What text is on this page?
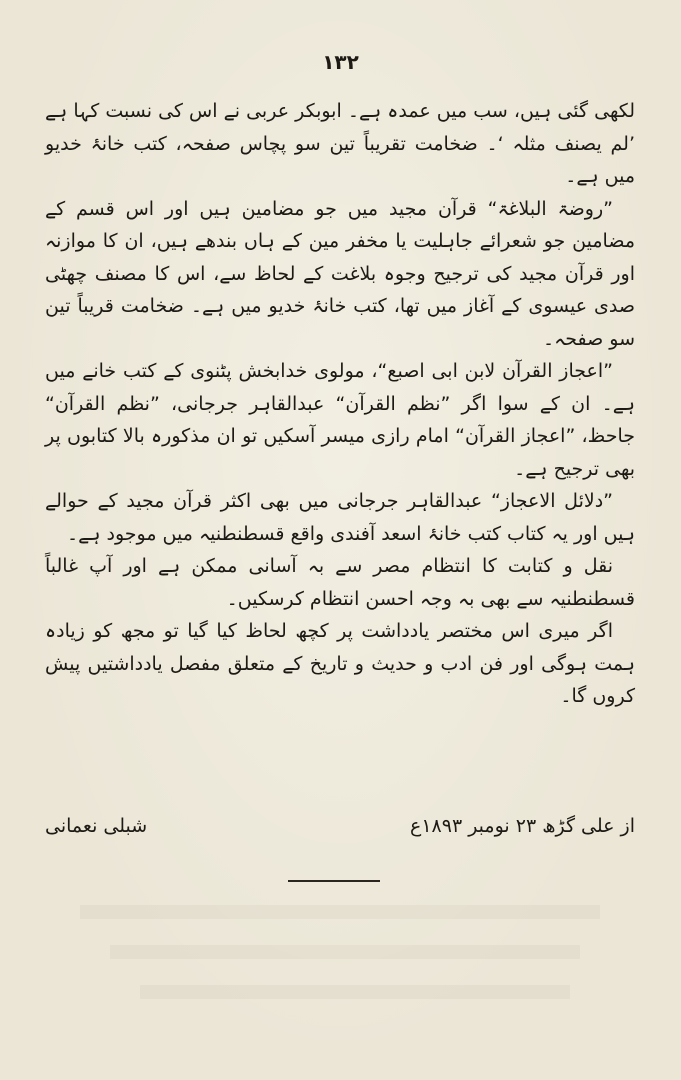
١٣٢

لکھی گئی ہیں، سب میں عمدہ ہے۔ ابوبکر عربی نے اس کی نسبت کہا ہے ’لم یصنف مثلہ ‘۔ ضخامت تقریباً تین سو پچاس صفحہ، کتب خانۂ خدیو میں ہے۔

”روضۃ البلاغۃ“ قرآن مجید میں جو مضامین ہیں اور اس قسم کے مضامین جو شعرائے جاہلیت یا مخفر مین کے ہاں بندھے ہیں، ان کا موازنہ اور قرآن مجید کی ترجیح وجوہ بلاغت کے لحاظ سے، اس کا مصنف چھٹی صدی عیسوی کے آغاز میں تھا، کتب خانۂ خدیو میں ہے۔ ضخامت قریباً تین سو صفحہ۔

”اعجاز القرآن لابن ابی اصبع“، مولوی خدابخش پٹنوی کے کتب خانے میں ہے۔ ان کے سوا اگر ”نظم القرآن“ عبدالقاہر جرجانی، ”نظم القرآن“ جاحظ، ”اعجاز القرآن“ امام رازی میسر آسکیں تو ان مذکورہ بالا کتابوں پر بھی ترجیح ہے۔

”دلائل الاعجاز“ عبدالقاہر جرجانی میں بھی اکثر قرآن مجید کے حوالے ہیں اور یہ کتاب کتب خانۂ اسعد آفندی واقع قسطنطنیہ میں موجود ہے۔

نقل و کتابت کا انتظام مصر سے بہ آسانی ممکن ہے اور آپ غالباً قسطنطنیہ سے بھی بہ وجہ احسن انتظام کرسکیں۔

اگر میری اس مختصر یادداشت پر کچھ لحاظ کیا گیا تو مجھ کو زیادہ ہمت ہوگی اور فن ادب و حدیث و تاریخ کے متعلق مفصل یادداشتیں پیش کروں گا۔

از علی گڑھ ۲۳ نومبر ۱۸۹۳ع
شبلی نعمانی
